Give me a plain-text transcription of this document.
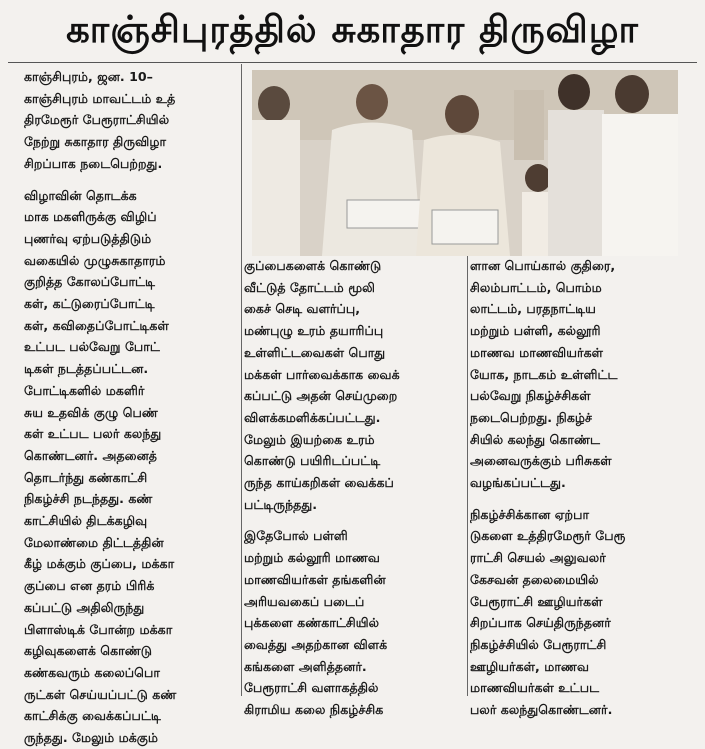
காஞ்சிபுரத்தில் சுகாதார திருவிழா

காஞ்சிபுரம், ஜன. 10–

காஞ்சிபுரம் மாவட்டம் உத்

திரமேரூர் பேரூராட்சியில்

நேற்று சுகாதார திருவிழா

சிறப்பாக நடைபெற்றது.

விழாவின் தொடக்க

மாக மகளிருக்கு விழிப்

புணர்வு ஏற்படுத்திடும்

வகையில் முழுசுகாதாரம்

குறித்த கோலப்போட்டி

கள், கட்டுரைப்போட்டி

கள், கவிதைப்போட்டிகள்

உட்பட பல்வேறு போட்

டிகள் நடத்தப்பட்டன.

போட்டிகளில் மகளிர்

சுய உதவிக் குழு பெண்

கள் உட்பட பலர் கலந்து

கொண்டனர். அதனைத்

தொடர்ந்து கண்காட்சி

நிகழ்ச்சி நடந்தது. கண்

காட்சியில் திடக்கழிவு

மேலாண்மை திட்டத்தின்

கீழ் மக்கும் குப்பை, மக்கா

குப்பை என தரம் பிரிக்

கப்பட்டு அதிலிருந்து

பிளாஸ்டிக் போன்ற மக்கா

கழிவுகளைக் கொண்டு

கண்கவரும் கலைப்பொ

ருட்கள் செய்யப்பட்டு கண்

காட்சிக்கு வைக்கப்பட்டி

ருந்தது. மேலும் மக்கும்

குப்பைகளைக் கொண்டு

வீட்டுத் தோட்டம் மூலி

கைச் செடி வளர்ப்பு,

மண்புழு உரம் தயாரிப்பு

உள்ளிட்டவைகள் பொது

மக்கள் பார்வைக்காக வைக்

கப்பட்டு அதன் செய்முறை

விளக்கமளிக்கப்பட்டது.

மேலும் இயற்கை உரம்

கொண்டு பயிரிடப்பட்டி

ருந்த காய்கறிகள் வைக்கப்

பட்டிருந்தது.

இதேபோல் பள்ளி

மற்றும் கல்லூரி மாணவ

மாணவியர்கள் தங்களின்

அரியவகைப் படைப்

புக்களை கண்காட்சியில்

வைத்து அதற்கான விளக்

கங்களை அளித்தனர்.

பேரூராட்சி வளாகத்தில்

கிராமிய கலை நிகழ்ச்சிக

ளான பொய்கால் குதிரை,

சிலம்பாட்டம், பொம்ம

லாட்டம், பரதநாட்டிய

மற்றும் பள்ளி, கல்லூரி

மாணவ மாணவியர்கள்

யோக, நாடகம் உள்ளிட்ட

பல்வேறு நிகழ்ச்சிகள்

நடைபெற்றது. நிகழ்ச்

சியில் கலந்து கொண்ட

அனைவருக்கும் பரிசுகள்

வழங்கப்பட்டது.

நிகழ்ச்சிக்கான ஏற்பா

டுகளை உத்திரமேரூர் பேரூ

ராட்சி செயல் அலுவலர்

கேசவன் தலைமையில்

பேரூராட்சி ஊழியர்கள்

சிறப்பாக செய்திருந்தனர்

நிகழ்ச்சியில் பேரூராட்சி

ஊழியர்கள், மாணவ

மாணவியர்கள் உட்பட

பலர் கலந்துகொண்டனர்.
